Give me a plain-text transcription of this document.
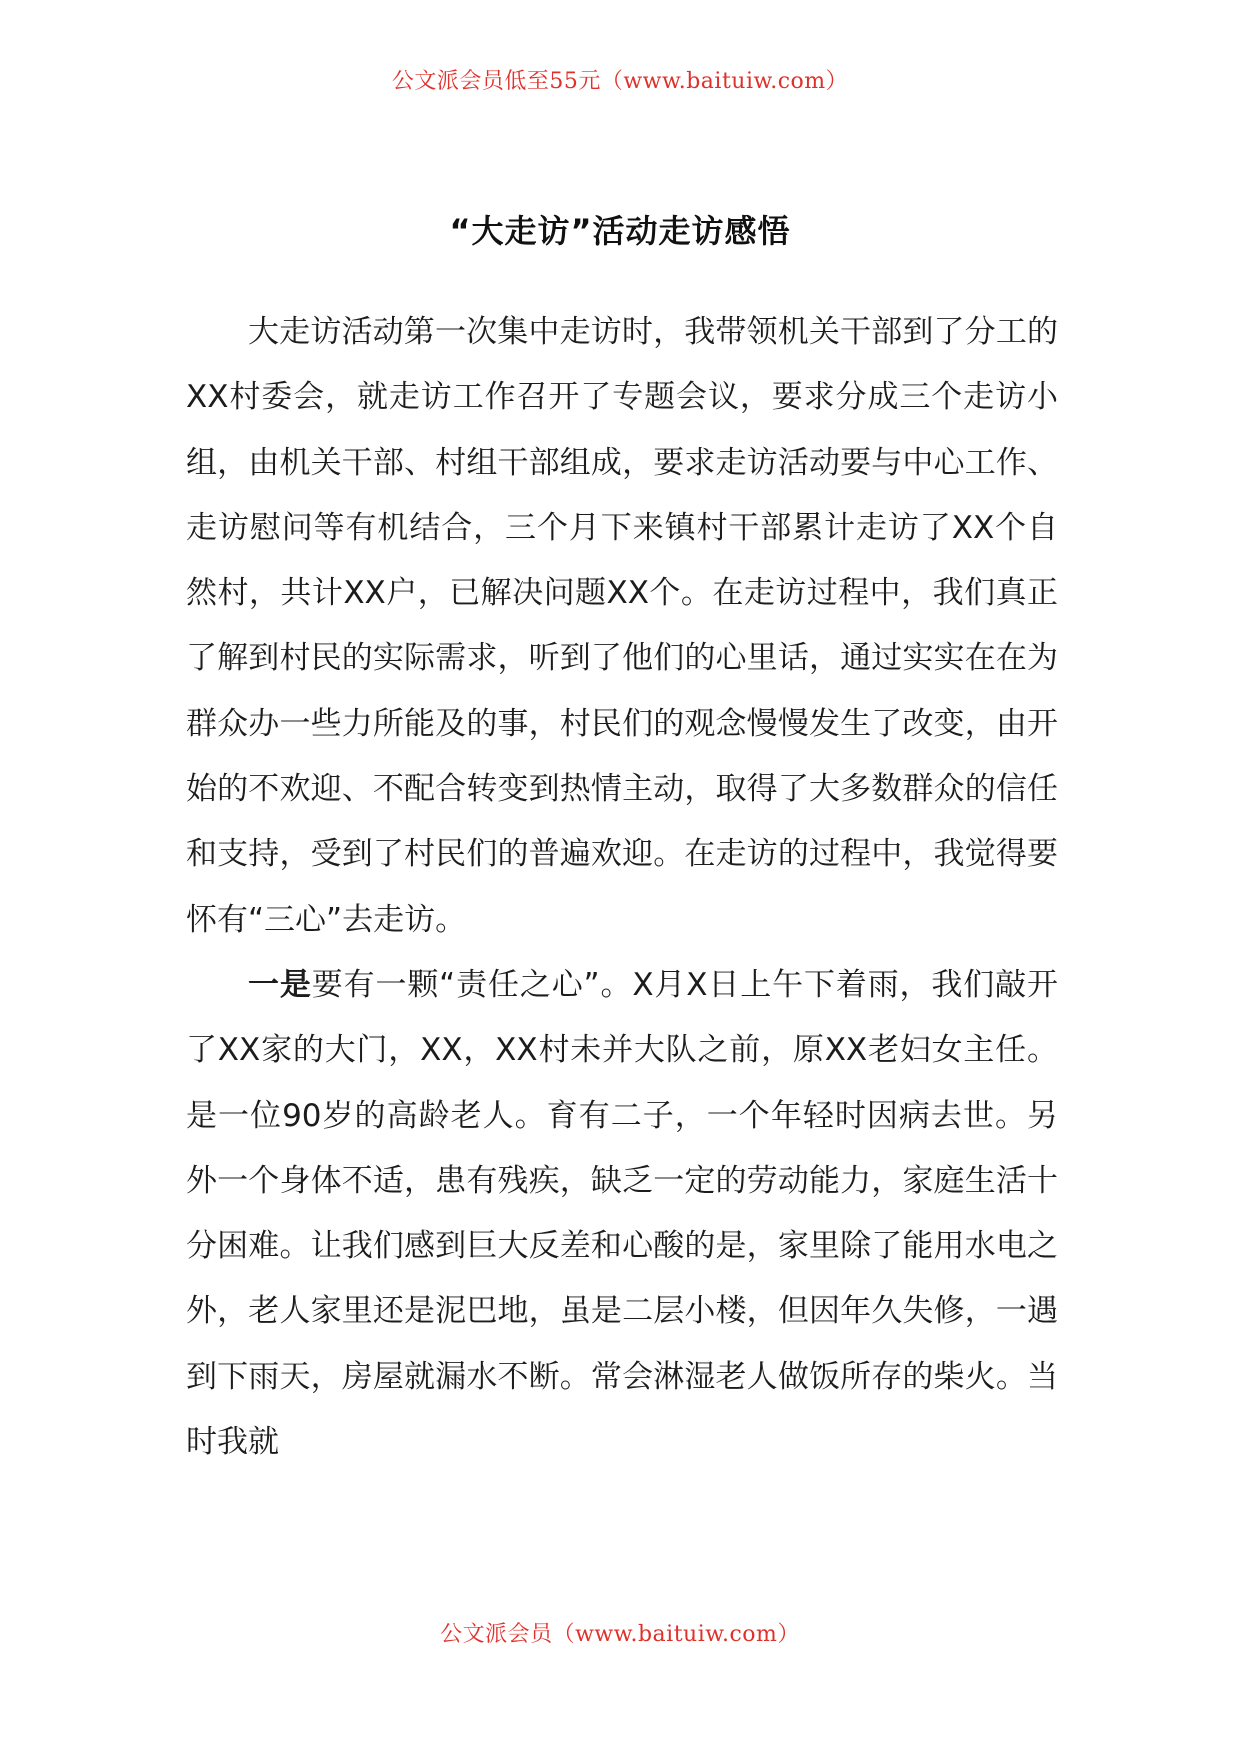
公文派会员低至55元（www.baituiw.com）
“大走访”活动走访感悟

大走访活动第一次集中走访时，我带领机关干部到了分工的XX村委会，就走访工作召开了专题会议，要求分成三个走访小组，由机关干部、村组干部组成，要求走访活动要与中心工作、走访慰问等有机结合，三个月下来镇村干部累计走访了XX个自然村，共计XX户，已解决问题XX个。在走访过程中，我们真正了解到村民的实际需求，听到了他们的心里话，通过实实在在为群众办一些力所能及的事，村民们的观念慢慢发生了改变，由开始的不欢迎、不配合转变到热情主动，取得了大多数群众的信任和支持，受到了村民们的普遍欢迎。在走访的过程中，我觉得要怀有“三心”去走访。

一是要有一颗“责任之心”。X月X日上午下着雨，我们敲开了XX家的大门，XX，XX村未并大队之前，原XX老妇女主任。是一位90岁的高龄老人。育有二子，一个年轻时因病去世。另外一个身体不适，患有残疾，缺乏一定的劳动能力，家庭生活十分困难。让我们感到巨大反差和心酸的是，家里除了能用水电之外，老人家里还是泥巴地，虽是二层小楼，但因年久失修，一遇到下雨天，房屋就漏水不断。常会淋湿老人做饭所存的柴火。当时我就

公文派会员（www.baituiw.com）
